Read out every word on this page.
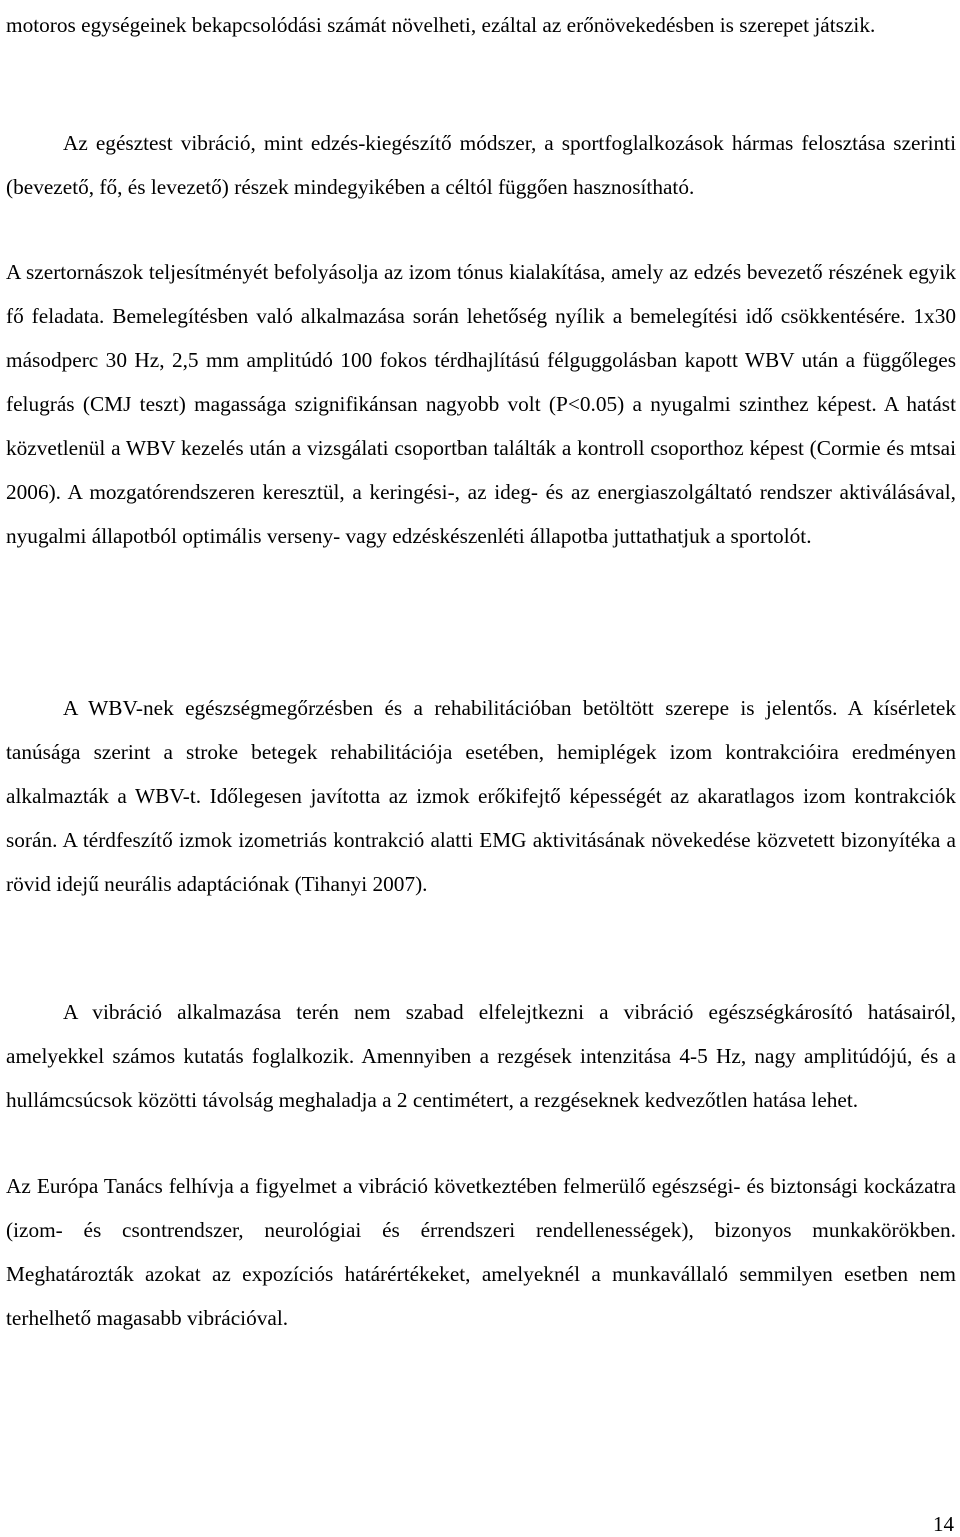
motoros egységeinek bekapcsolódási számát növelheti, ezáltal az erőnövekedésben is szerepet játszik.

Az egésztest vibráció, mint edzés-kiegészítő módszer, a sportfoglalkozások hármas felosztása szerinti (bevezető, fő, és levezető) részek mindegyikében a céltól függően hasznosítható.

A szertornászok teljesítményét befolyásolja az izom tónus kialakítása, amely az edzés bevezető részének egyik fő feladata. Bemelegítésben való alkalmazása során lehetőség nyílik a bemelegítési idő csökkentésére. 1x30 másodperc 30 Hz, 2,5 mm amplitúdó 100 fokos térdhajlítású félguggolásban kapott WBV után a függőleges felugrás (CMJ teszt) magassága szignifikánsan nagyobb volt (P<0.05) a nyugalmi szinthez képest. A hatást közvetlenül a WBV kezelés után a vizsgálati csoportban találták a kontroll csoporthoz képest (Cormie és mtsai 2006). A mozgatórendszeren keresztül, a keringési-, az ideg- és az energiaszolgáltató rendszer aktiválásával, nyugalmi állapotból optimális verseny- vagy edzéskészenléti állapotba juttathatjuk a sportolót.

A WBV-nek egészségmegőrzésben és a rehabilitációban betöltött szerepe is jelentős. A kísérletek tanúsága szerint a stroke betegek rehabilitációja esetében, hemiplégek izom kontrakcióira eredményen alkalmazták a WBV-t. Időlegesen javította az izmok erőkifejtő képességét az akaratlagos izom kontrakciók során. A térdfeszítő izmok izometriás kontrakció alatti EMG aktivitásának növekedése közvetett bizonyítéka a rövid idejű neurális adaptációnak (Tihanyi 2007).

A vibráció alkalmazása terén nem szabad elfelejtkezni a vibráció egészségkárosító hatásairól, amelyekkel számos kutatás foglalkozik. Amennyiben a rezgések intenzitása 4-5 Hz, nagy amplitúdójú, és a hullámcsúcsok közötti távolság meghaladja a 2 centimétert, a rezgéseknek kedvezőtlen hatása lehet.

Az Európa Tanács felhívja a figyelmet a vibráció következtében felmerülő egészségi- és biztonsági kockázatra (izom- és csontrendszer, neurológiai és érrendszeri rendellenességek), bizonyos munkakörökben. Meghatározták azokat az expozíciós határértékeket, amelyeknél a munkavállaló semmilyen esetben nem terhelhető magasabb vibrációval.

14
